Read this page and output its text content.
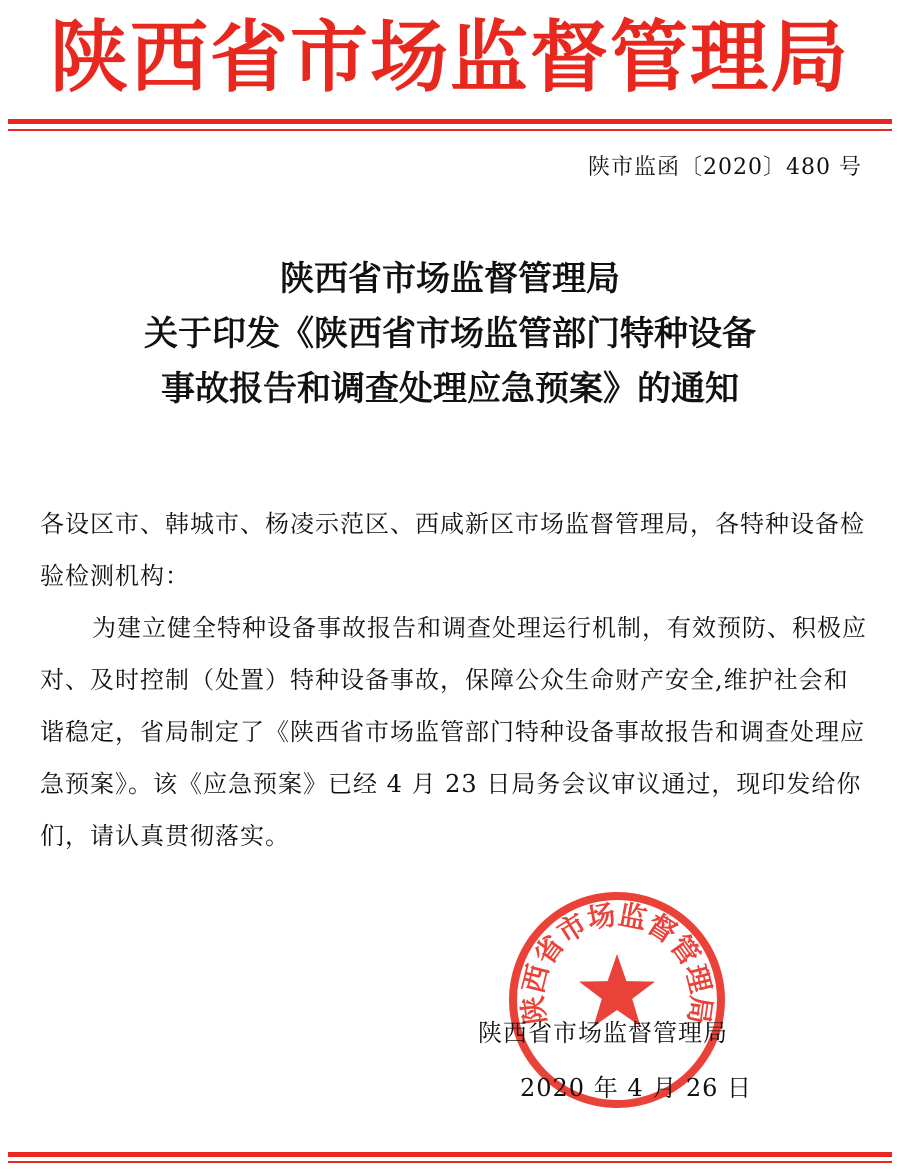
陕西省市场监督管理局
陕市监函〔2020〕480 号
陕西省市场监督管理局
关于印发《陕西省市场监管部门特种设备
事故报告和调查处理应急预案》的通知

各设区市、韩城市、杨凌示范区、西咸新区市场监督管理局，各特种设备检验检测机构：

为建立健全特种设备事故报告和调查处理运行机制，有效预防、积极应对、及时控制（处置）特种设备事故，保障公众生命财产安全,维护社会和谐稳定，省局制定了《陕西省市场监管部门特种设备事故报告和调查处理应急预案》。该《应急预案》已经 4 月 23 日局务会议审议通过，现印发给你们，请认真贯彻落实。

陕西省市场监督管理局
陕西省市场监督管理局
2020 年 4 月 26 日
